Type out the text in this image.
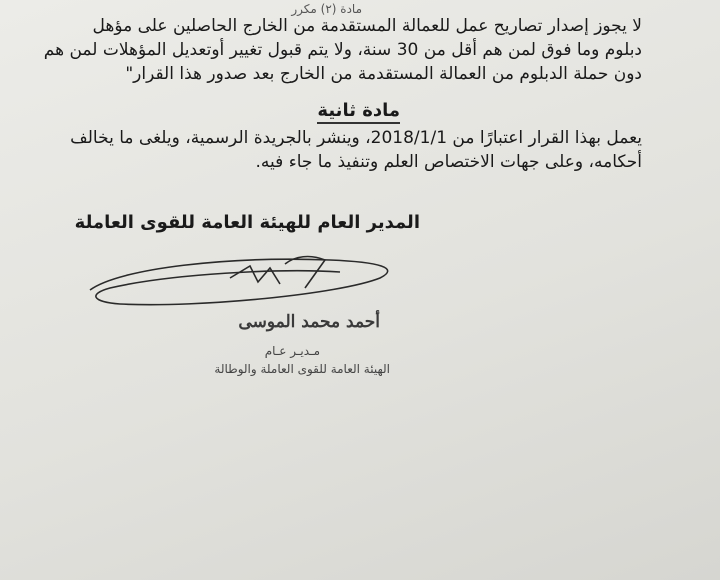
مادة (٢) مكرر
لا يجوز إصدار تصاريح عمل للعمالة المستقدمة من الخارج الحاصلين على مؤهل
دبلوم وما فوق لمن هم أقل من 30 سنة، ولا يتم قبول تغيير أوتعديل المؤهلات لمن هم
دون حملة الدبلوم من العمالة المستقدمة من الخارج بعد صدور هذا القرار"
مادة ثانية
يعمل بهذا القرار اعتبارًا من 2018/1/1، وينشر بالجريدة الرسمية، ويلغى ما يخالف
أحكامه، وعلى جهات الاختصاص العلم وتنفيذ ما جاء فيه.
المدير العام للهيئة العامة للقوى العاملة
أحمد محمد الموسى
مـديـر عـام
الهيئة العامة للقوى العاملة والوطالة
